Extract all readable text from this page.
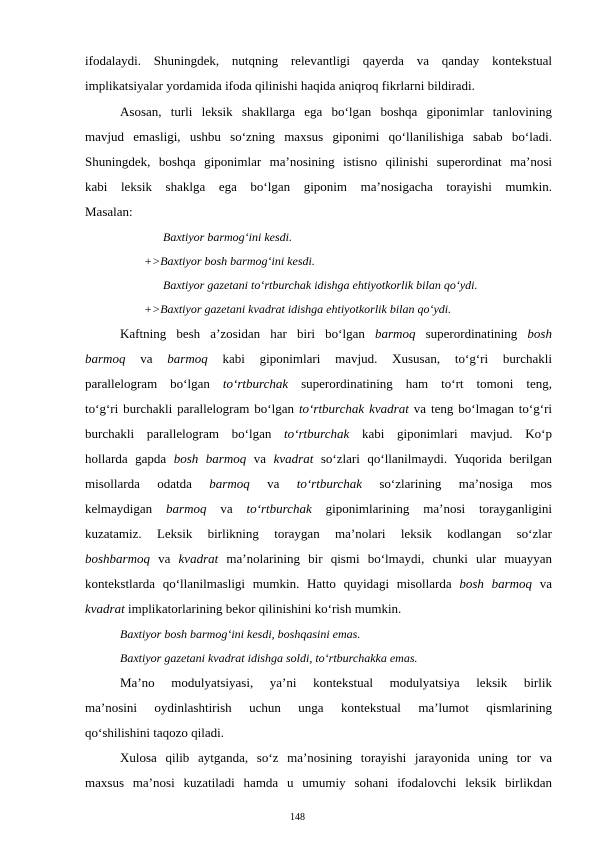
ifodalaydi. Shuningdek, nutqning relevantligi qayerda va qanday kontekstual
implikatsiyalar yordamida ifoda qilinishi haqida aniqroq fikrlarni bildiradi.
Asosan, turli leksik shakllarga ega bo‘lgan boshqa giponimlar tanlovining
mavjud emasligi, ushbu so‘zning maxsus giponimi qo‘llanilishiga sabab bo‘ladi.
Shuningdek, boshqa giponimlar ma’nosining istisno qilinishi superordinat ma’nosi
kabi leksik shaklga ega bo‘lgan giponim ma’nosigacha torayishi mumkin.
Masalan:
Baxtiyor barmog‘ini kesdi.
+>Baxtiyor bosh barmog‘ini kesdi.
Baxtiyor gazetani to‘rtburchak idishga ehtiyotkorlik bilan qo‘ydi.
+>Baxtiyor gazetani kvadrat idishga ehtiyotkorlik bilan qo‘ydi.
Kaftning besh a’zosidan har biri bo‘lgan barmoq superordinatining bosh
barmoq va barmoq kabi giponimlari mavjud. Xususan, to‘g‘ri burchakli
parallelogram bo‘lgan to‘rtburchak superordinatining ham to‘rt tomoni teng,
to‘g‘ri burchakli parallelogram bo‘lgan to‘rtburchak kvadrat va teng bo‘lmagan to‘g‘ri
burchakli parallelogram bo‘lgan to‘rtburchak kabi giponimlari mavjud. Ko‘p
hollarda gapda bosh barmoq va kvadrat so‘zlari qo‘llanilmaydi. Yuqorida berilgan
misollarda odatda barmoq va to‘rtburchak so‘zlarining ma’nosiga mos
kelmaydigan barmoq va to‘rtburchak giponimlarining ma’nosi torayganligini
kuzatamiz. Leksik birlikning toraygan ma’nolari leksik kodlangan so‘zlar
boshbarmoq va kvadrat ma’nolarining bir qismi bo‘lmaydi, chunki ular muayyan
kontekstlarda qo‘llanilmasligi mumkin. Hatto quyidagi misollarda bosh barmoq va
kvadrat implikatorlarining bekor qilinishini ko‘rish mumkin.
Baxtiyor bosh barmog‘ini kesdi, boshqasini emas.
Baxtiyor gazetani kvadrat idishga soldi, to‘rtburchakka emas.
Ma’no modulyatsiyasi, ya’ni kontekstual modulyatsiya leksik birlik
ma’nosini oydinlashtirish uchun unga kontekstual ma’lumot qismlarining
qo‘shilishini taqozo qiladi.
Xulosa qilib aytganda, so‘z ma’nosining torayishi jarayonida uning tor va
maxsus ma’nosi kuzatiladi hamda u umumiy sohani ifodalovchi leksik birlikdan
148
